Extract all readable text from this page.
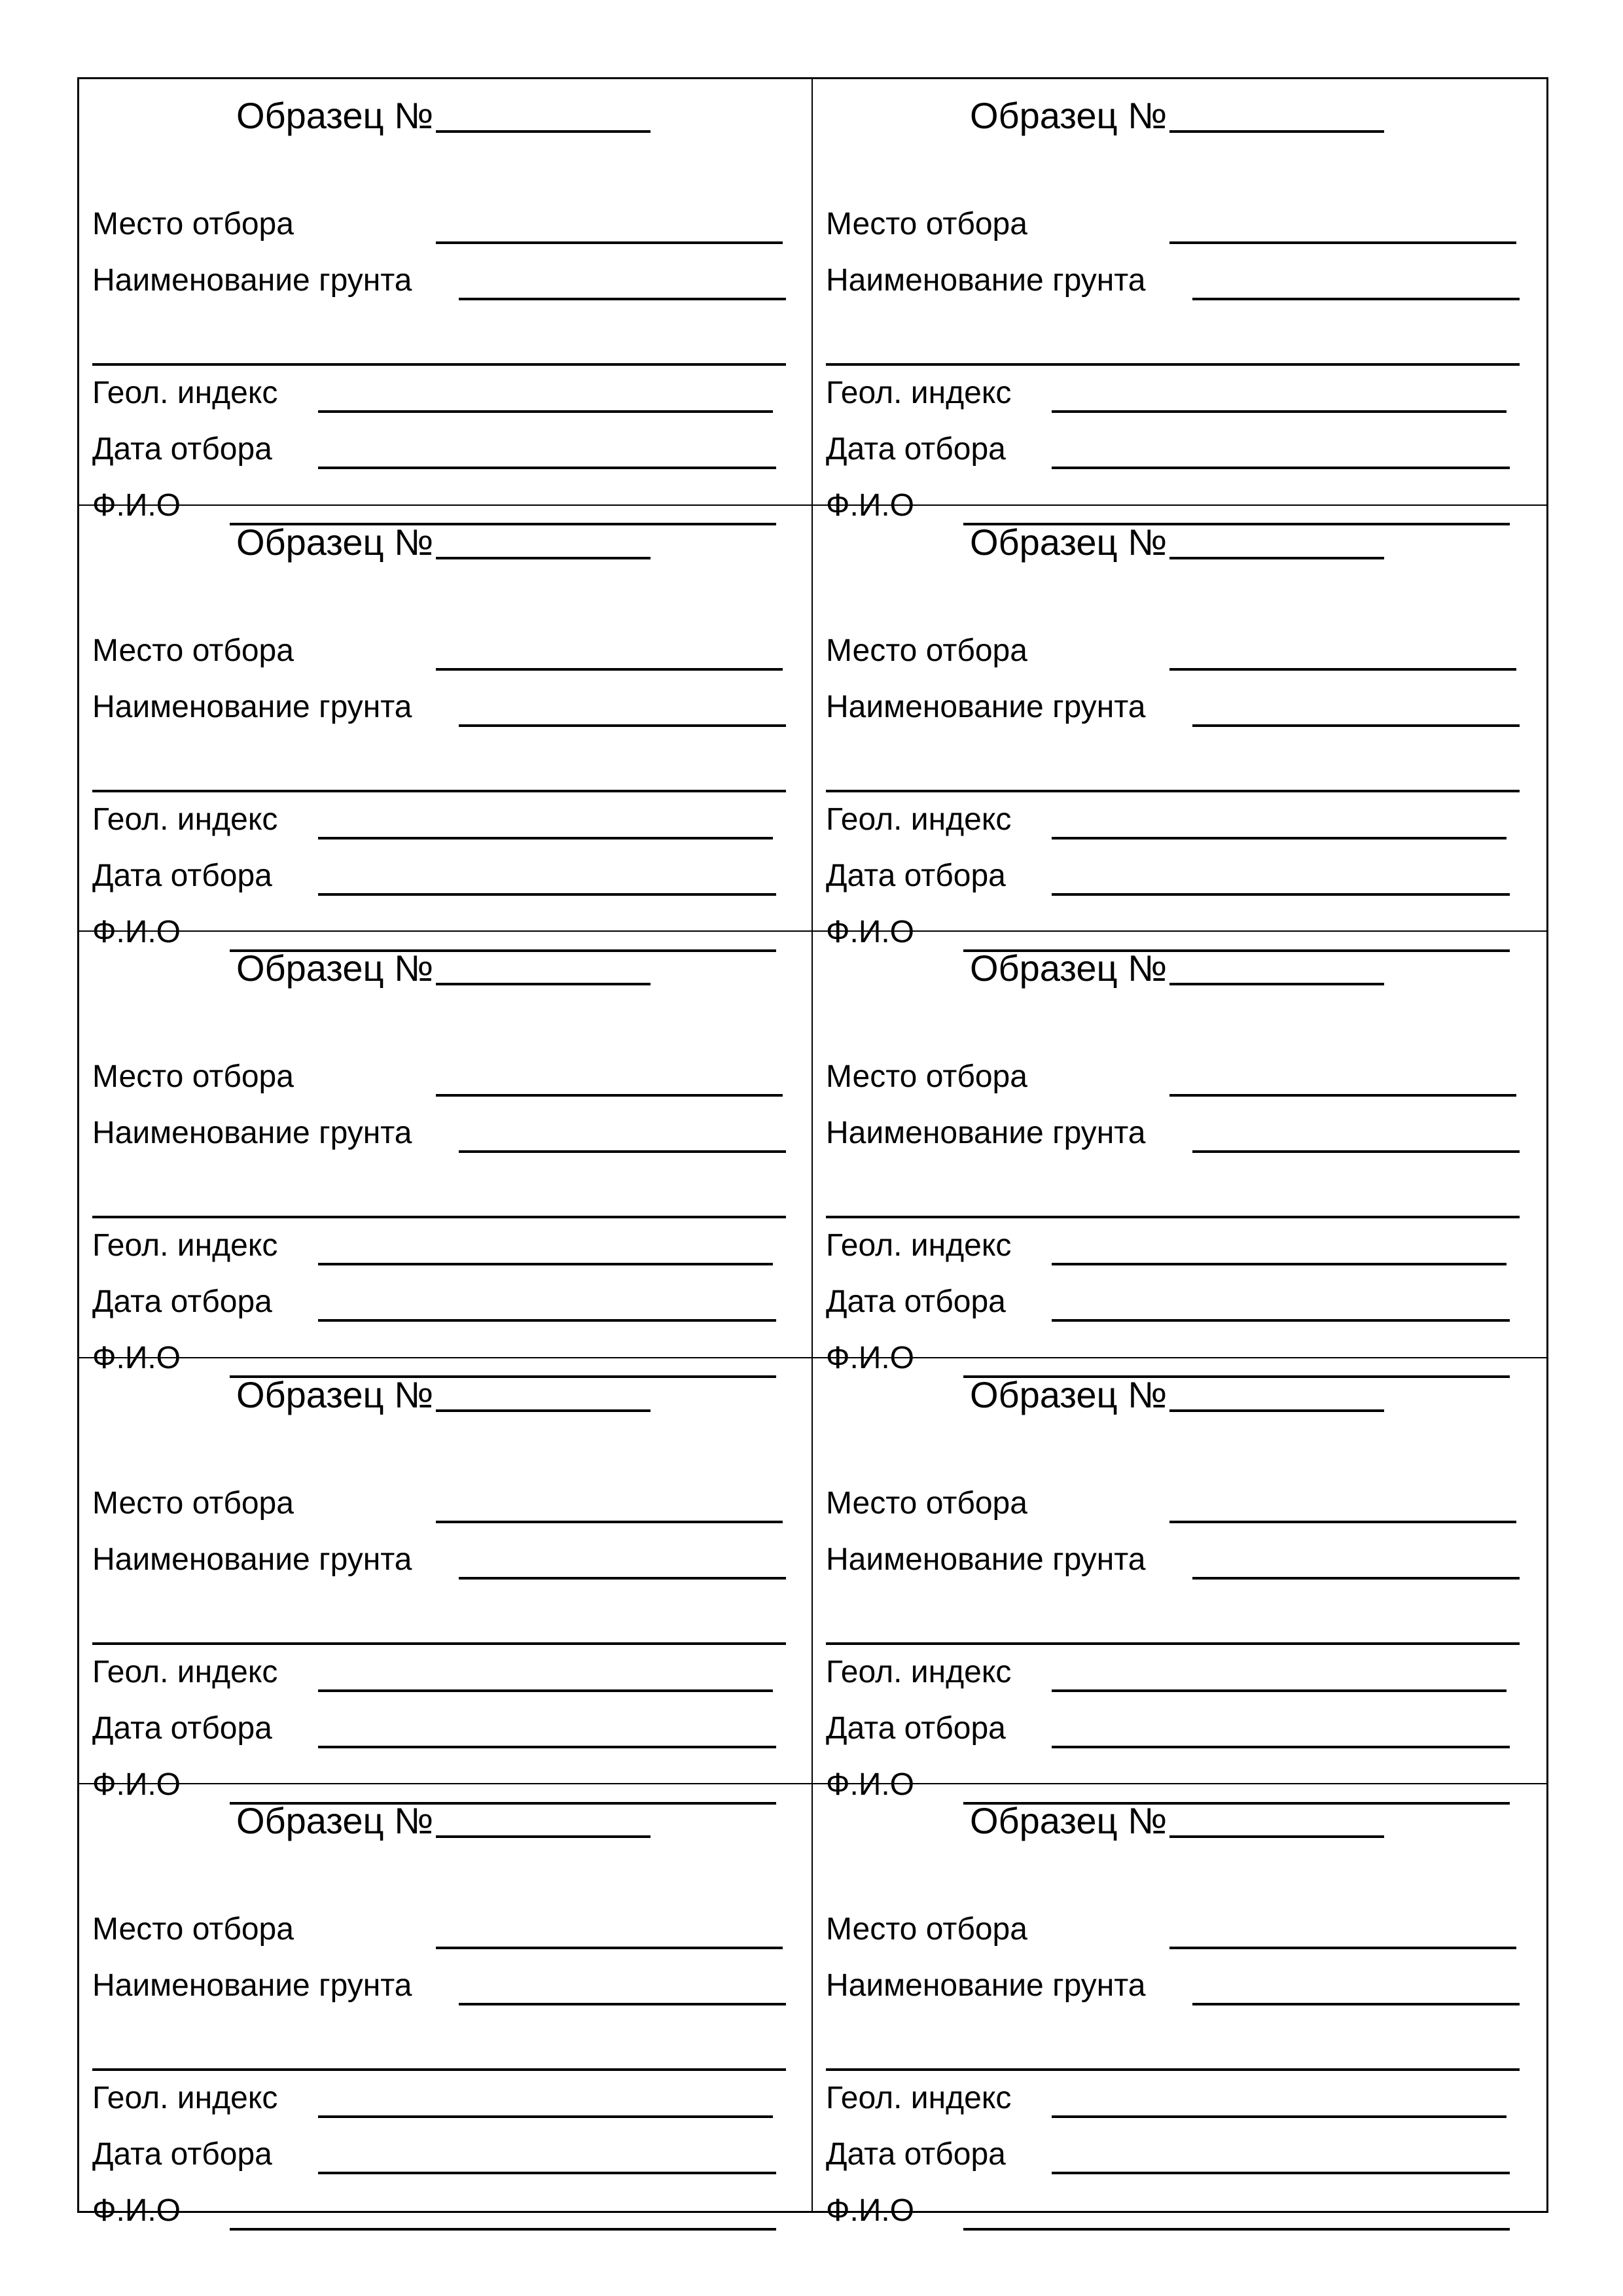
Образец №
Место отбора
Наименование грунта
Геол. индекс
Дата отбора
Ф.И.О
Образец №
Место отбора
Наименование грунта
Геол. индекс
Дата отбора
Ф.И.О
Образец №
Место отбора
Наименование грунта
Геол. индекс
Дата отбора
Ф.И.О
Образец №
Место отбора
Наименование грунта
Геол. индекс
Дата отбора
Ф.И.О
Образец №
Место отбора
Наименование грунта
Геол. индекс
Дата отбора
Ф.И.О
Образец №
Место отбора
Наименование грунта
Геол. индекс
Дата отбора
Ф.И.О
Образец №
Место отбора
Наименование грунта
Геол. индекс
Дата отбора
Ф.И.О
Образец №
Место отбора
Наименование грунта
Геол. индекс
Дата отбора
Ф.И.О
Образец №
Место отбора
Наименование грунта
Геол. индекс
Дата отбора
Ф.И.О
Образец №
Место отбора
Наименование грунта
Геол. индекс
Дата отбора
Ф.И.О
